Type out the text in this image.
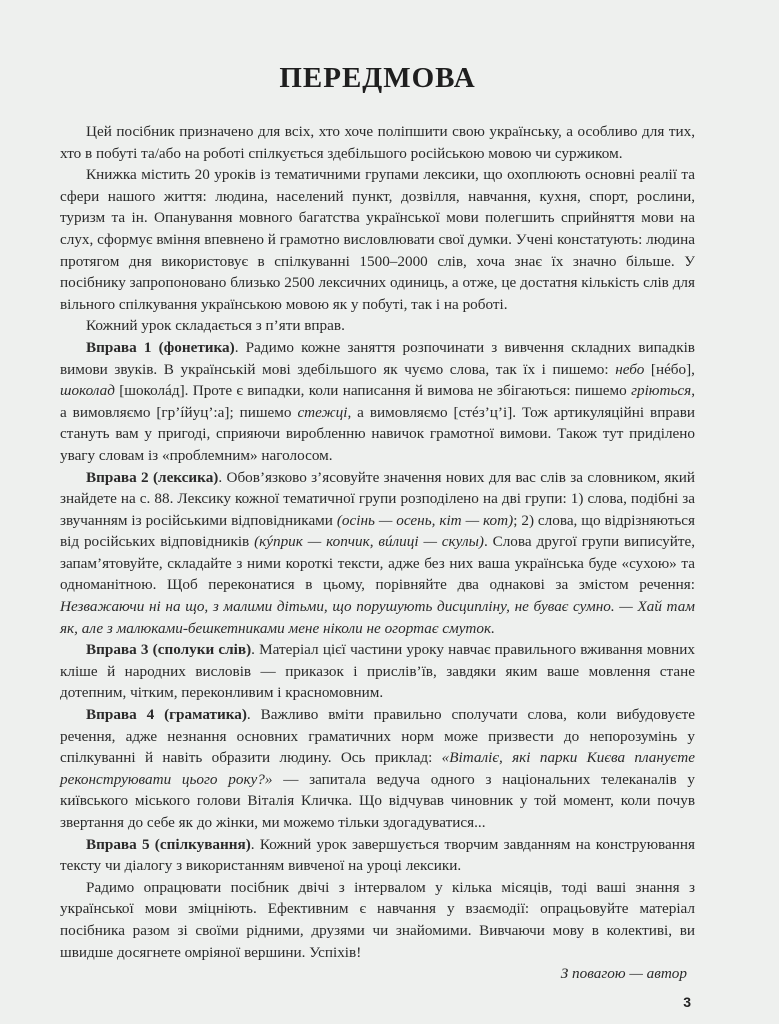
ПЕРЕДМОВА

Цей посібник призначено для всіх, хто хоче поліпшити свою українську, а особливо для тих, хто в побуті та/або на роботі спілкується здебільшого російською мовою чи суржиком.

Книжка містить 20 уроків із тематичними групами лексики, що охоплюють основні реалії та сфери нашого життя: людина, населений пункт, дозвілля, навчання, кухня, спорт, рослини, туризм та ін. Опанування мовного багатства української мови полегшить сприйняття мови на слух, сформує вміння впевнено й грамотно висловлювати свої думки. Учені констатують: людина протягом дня використовує в спілкуванні 1500–2000 слів, хоча знає їх значно більше. У посібнику запропоновано близько 2500 лексичних одиниць, а отже, це достатня кількість слів для вільного спілкування українською мовою як у побуті, так і на роботі.

Кожний урок складається з п’яти вправ.

Вправа 1 (фонетика). Радимо кожне заняття розпочинати з вивчення складних випадків вимови звуків. В українській мові здебільшого як чуємо слова, так їх і пишемо: небо [нéбо], шоколад [шоколáд]. Проте є випадки, коли написання й вимова не збігаються: пишемо гріються, а вимовляємо [гр’íйуц’:а]; пишемо стежці, а вимовляємо [стéз’ц’і]. Тож артикуляційні вправи стануть вам у пригоді, сприяючи виробленню навичок грамотної вимови. Також тут приділено увагу словам із «проблемним» наголосом.

Вправа 2 (лексика). Обов’язково з’ясовуйте значення нових для вас слів за словником, який знайдете на с. 88. Лексику кожної тематичної групи розподілено на дві групи: 1) слова, подібні за звучанням із російськими відповідниками (осінь — осень, кіт — кот); 2) слова, що відрізняються від російських відповідників (кýприк — копчик, вúлиці — скулы). Слова другої групи виписуйте, запам’ятовуйте, складайте з ними короткі тексти, адже без них ваша українська буде «сухою» та одноманітною. Щоб переконатися в цьому, порівняйте два однакові за змістом речення: Незважаючи ні на що, з малими дітьми, що порушують дисципліну, не буває сумно. — Хай там як, але з малюками-бешкетниками мене ніколи не огортає смуток.

Вправа 3 (сполуки слів). Матеріал цієї частини уроку навчає правильного вживання мовних кліше й народних висловів — приказок і прислів’їв, завдяки яким ваше мовлення стане дотепним, чітким, переконливим і красномовним.

Вправа 4 (граматика). Важливо вміти правильно сполучати слова, коли вибудовуєте речення, адже незнання основних граматичних норм може призвести до непорозумінь у спілкуванні й навіть образити людину. Ось приклад: «Віталіє, які парки Києва плануєте реконструювати цього року?» — запитала ведуча одного з національних телеканалів у київського міського голови Віталія Кличка. Що відчував чиновник у той момент, коли почув звертання до себе як до жінки, ми можемо тільки здогадуватися...

Вправа 5 (спілкування). Кожний урок завершується творчим завданням на конструювання тексту чи діалогу з використанням вивченої на уроці лексики.

Радимо опрацювати посібник двічі з інтервалом у кілька місяців, тоді ваші знання з української мови зміцніють. Ефективним є навчання у взаємодії: опрацьовуйте матеріал посібника разом зі своїми рідними, друзями чи знайомими. Вивчаючи мову в колективі, ви швидше досягнете омріяної вершини. Успіхів!

З повагою — автор
3
